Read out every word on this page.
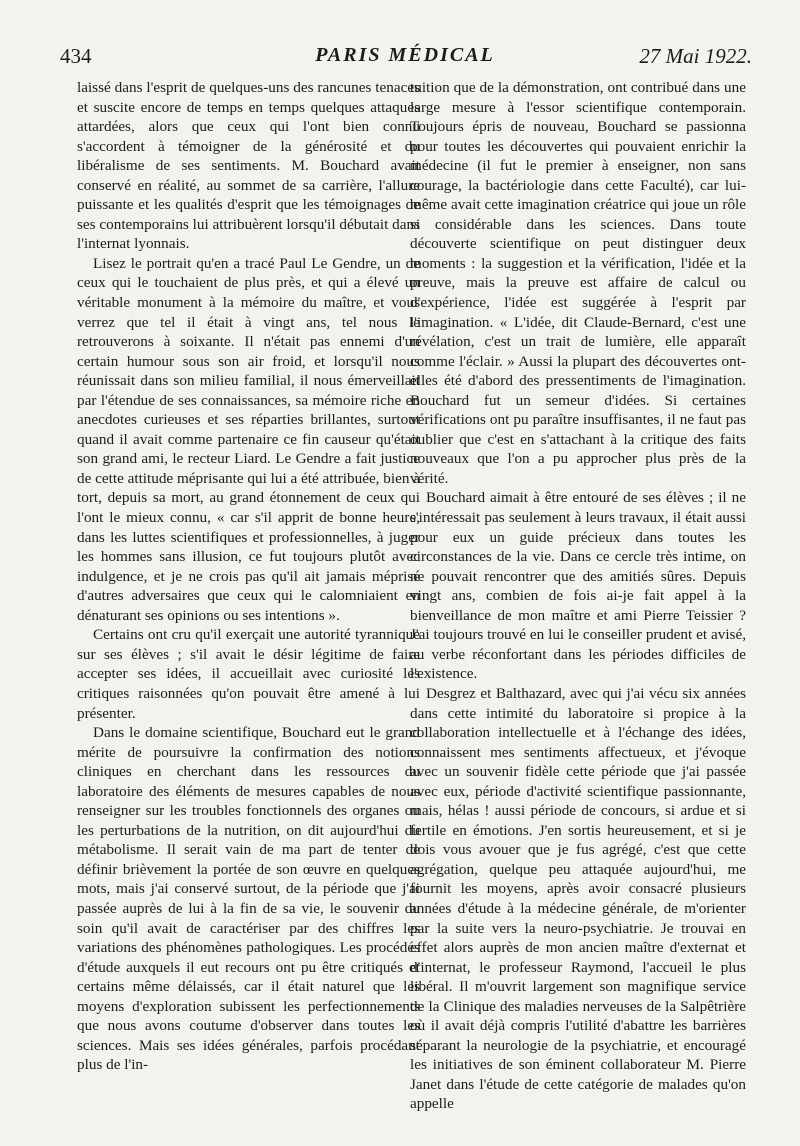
434	PARIS MÉDICAL	27 Mai 1922.

laissé dans l'esprit de quelques-uns des rancunes tenaces et suscite encore de temps en temps quelques attaques attardées, alors que ceux qui l'ont bien connu s'accordent à témoigner de la générosité et du libéralisme de ses sentiments. M. Bouchard avait conservé en réalité, au sommet de sa carrière, l'allure puissante et les qualités d'esprit que les témoignages de ses contemporains lui attribuèrent lorsqu'il débutait dans l'internat lyonnais.

Lisez le portrait qu'en a tracé Paul Le Gendre, un de ceux qui le touchaient de plus près, et qui a élevé un véritable monument à la mémoire du maître, et vous verrez que tel il était à vingt ans, tel nous le retrouverons à soixante. Il n'était pas ennemi d'un certain humour sous son air froid, et lorsqu'il nous réunissait dans son milieu familial, il nous émerveillait par l'étendue de ses connaissances, sa mémoire riche en anecdotes curieuses et ses réparties brillantes, surtout quand il avait comme partenaire ce fin causeur qu'était son grand ami, le recteur Liard. Le Gendre a fait justice de cette attitude méprisante qui lui a été attribuée, bien à tort, depuis sa mort, au grand étonnement de ceux qui l'ont le mieux connu, « car s'il apprit de bonne heure, dans les luttes scientifiques et professionnelles, à juger les hommes sans illusion, ce fut toujours plutôt avec indulgence, et je ne crois pas qu'il ait jamais méprisé d'autres adversaires que ceux qui le calomniaient en dénaturant ses opinions ou ses intentions ».

Certains ont cru qu'il exerçait une autorité tyrannique sur ses élèves ; s'il avait le désir légitime de faire accepter ses idées, il accueillait avec curiosité les critiques raisonnées qu'on pouvait être amené à lui présenter.

Dans le domaine scientifique, Bouchard eut le grand mérite de poursuivre la confirmation des notions cliniques en cherchant dans les ressources du laboratoire des éléments de mesures capables de nous renseigner sur les troubles fonctionnels des organes ou les perturbations de la nutrition, on dit aujourd'hui du métabolisme. Il serait vain de ma part de tenter de définir brièvement la portée de son œuvre en quelques mots, mais j'ai conservé surtout, de la période que j'ai passée auprès de lui à la fin de sa vie, le souvenir du soin qu'il avait de caractériser par des chiffres les variations des phénomènes pathologiques. Les procédés d'étude auxquels il eut recours ont pu être critiqués et certains même délaissés, car il était naturel que les moyens d'exploration subissent les perfectionnements que nous avons coutume d'observer dans toutes les sciences. Mais ses idées générales, parfois procédant plus de l'in-

tuition que de la démonstration, ont contribué dans une large mesure à l'essor scientifique contemporain. Toujours épris de nouveau, Bouchard se passionna pour toutes les découvertes qui pouvaient enrichir la médecine (il fut le premier à enseigner, non sans courage, la bactériologie dans cette Faculté), car lui-même avait cette imagination créatrice qui joue un rôle si considérable dans les sciences. Dans toute découverte scientifique on peut distinguer deux moments : la suggestion et la vérification, l'idée et la preuve, mais la preuve est affaire de calcul ou d'expérience, l'idée est suggérée à l'esprit par l'imagination. « L'idée, dit Claude-Bernard, c'est une révélation, c'est un trait de lumière, elle apparaît comme l'éclair. » Aussi la plupart des découvertes ont-elles été d'abord des pressentiments de l'imagination. Bouchard fut un semeur d'idées. Si certaines vérifications ont pu paraître insuffisantes, il ne faut pas oublier que c'est en s'attachant à la critique des faits nouveaux que l'on a pu approcher plus près de la vérité.

Bouchard aimait à être entouré de ses élèves ; il ne s'intéressait pas seulement à leurs travaux, il était aussi pour eux un guide précieux dans toutes les circonstances de la vie. Dans ce cercle très intime, on ne pouvait rencontrer que des amitiés sûres. Depuis vingt ans, combien de fois ai-je fait appel à la bienveillance de mon maître et ami Pierre Teissier ? J'ai toujours trouvé en lui le conseiller prudent et avisé, au verbe réconfortant dans les périodes difficiles de l'existence.

Desgrez et Balthazard, avec qui j'ai vécu six années dans cette intimité du laboratoire si propice à la collaboration intellectuelle et à l'échange des idées, connaissent mes sentiments affectueux, et j'évoque avec un souvenir fidèle cette période que j'ai passée avec eux, période d'activité scientifique passionnante, mais, hélas ! aussi période de concours, si ardue et si fertile en émotions. J'en sortis heureusement, et si je dois vous avouer que je fus agrégé, c'est que cette agrégation, quelque peu attaquée aujourd'hui, me fournit les moyens, après avoir consacré plusieurs années d'étude à la médecine générale, de m'orienter par la suite vers la neuro-psychiatrie. Je trouvai en effet alors auprès de mon ancien maître d'externat et d'internat, le professeur Raymond, l'accueil le plus libéral. Il m'ouvrit largement son magnifique service de la Clinique des maladies nerveuses de la Salpêtrière où il avait déjà compris l'utilité d'abattre les barrières séparant la neurologie de la psychiatrie, et encouragé les initiatives de son éminent collaborateur M. Pierre Janet dans l'étude de cette catégorie de malades qu'on appelle
